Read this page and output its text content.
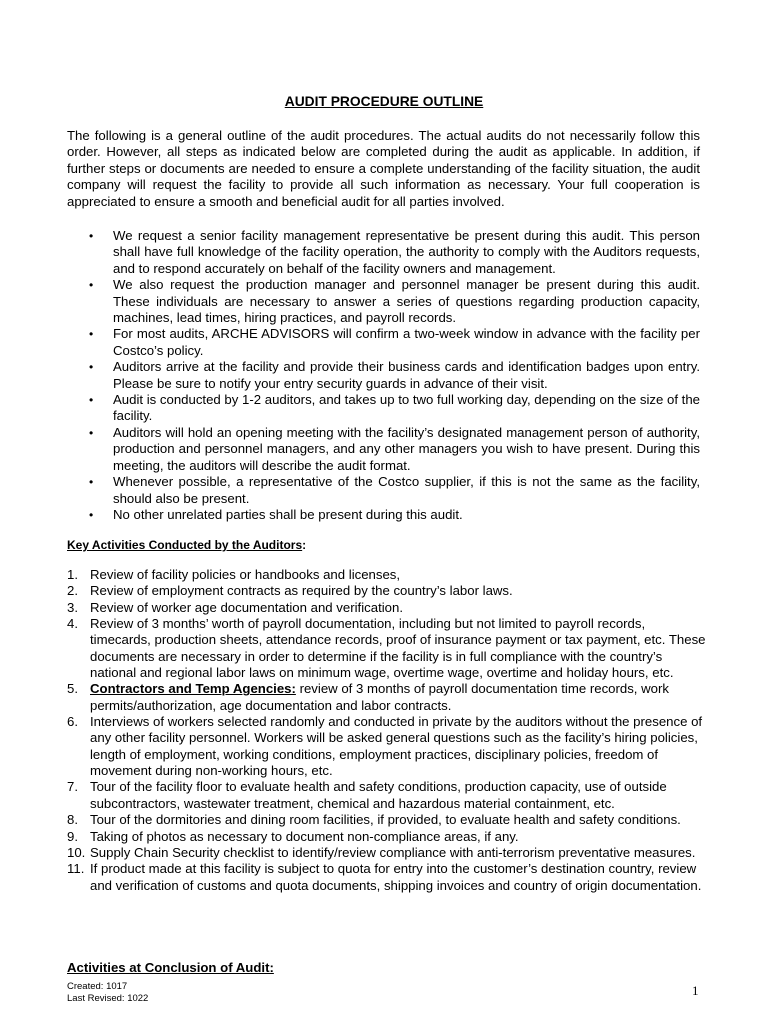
AUDIT PROCEDURE OUTLINE

The following is a general outline of the audit procedures. The actual audits do not necessarily follow this order. However, all steps as indicated below are completed during the audit as applicable. In addition, if further steps or documents are needed to ensure a complete understanding of the facility situation, the audit company will request the facility to provide all such information as necessary. Your full cooperation is appreciated to ensure a smooth and beneficial audit for all parties involved.

•	We request a senior facility management representative be present during this audit. This person shall have full knowledge of the facility operation, the authority to comply with the Auditors requests, and to respond accurately on behalf of the facility owners and management.
•	We also request the production manager and personnel manager be present during this audit. These individuals are necessary to answer a series of questions regarding production capacity, machines, lead times, hiring practices, and payroll records.
•	For most audits, ARCHE ADVISORS will confirm a two-week window in advance with the facility per Costco’s policy.
•	Auditors arrive at the facility and provide their business cards and identification badges upon entry. Please be sure to notify your entry security guards in advance of their visit.
•	Audit is conducted by 1-2 auditors, and takes up to two full working day, depending on the size of the facility.
•	Auditors will hold an opening meeting with the facility’s designated management person of authority, production and personnel managers, and any other managers you wish to have present. During this meeting, the auditors will describe the audit format.
•	Whenever possible, a representative of the Costco supplier, if this is not the same as the facility, should also be present.
•	No other unrelated parties shall be present during this audit.
Key Activities Conducted by the Auditors:
1. Review of facility policies or handbooks and licenses,
2. Review of employment contracts as required by the country’s labor laws.
3. Review of worker age documentation and verification.
4. Review of 3 months’ worth of payroll documentation, including but not limited to payroll records, timecards, production sheets, attendance records, proof of insurance payment or tax payment, etc. These documents are necessary in order to determine if the facility is in full compliance with the country’s national and regional labor laws on minimum wage, overtime wage, overtime and holiday hours, etc.
5. Contractors and Temp Agencies: review of 3 months of payroll documentation time records, work permits/authorization, age documentation and labor contracts.
6. Interviews of workers selected randomly and conducted in private by the auditors without the presence of any other facility personnel. Workers will be asked general questions such as the facility’s hiring policies, length of employment, working conditions, employment practices, disciplinary policies, freedom of movement during non-working hours, etc.
7. Tour of the facility floor to evaluate health and safety conditions, production capacity, use of outside subcontractors, wastewater treatment, chemical and hazardous material containment, etc.
8. Tour of the dormitories and dining room facilities, if provided, to evaluate health and safety conditions.
9. Taking of photos as necessary to document non-compliance areas, if any.
10. Supply Chain Security checklist to identify/review compliance with anti-terrorism preventative measures.
11. If product made at this facility is subject to quota for entry into the customer’s destination country, review and verification of customs and quota documents, shipping invoices and country of origin documentation.
Activities at Conclusion of Audit:
Created: 1017
Last Revised: 1022	1
